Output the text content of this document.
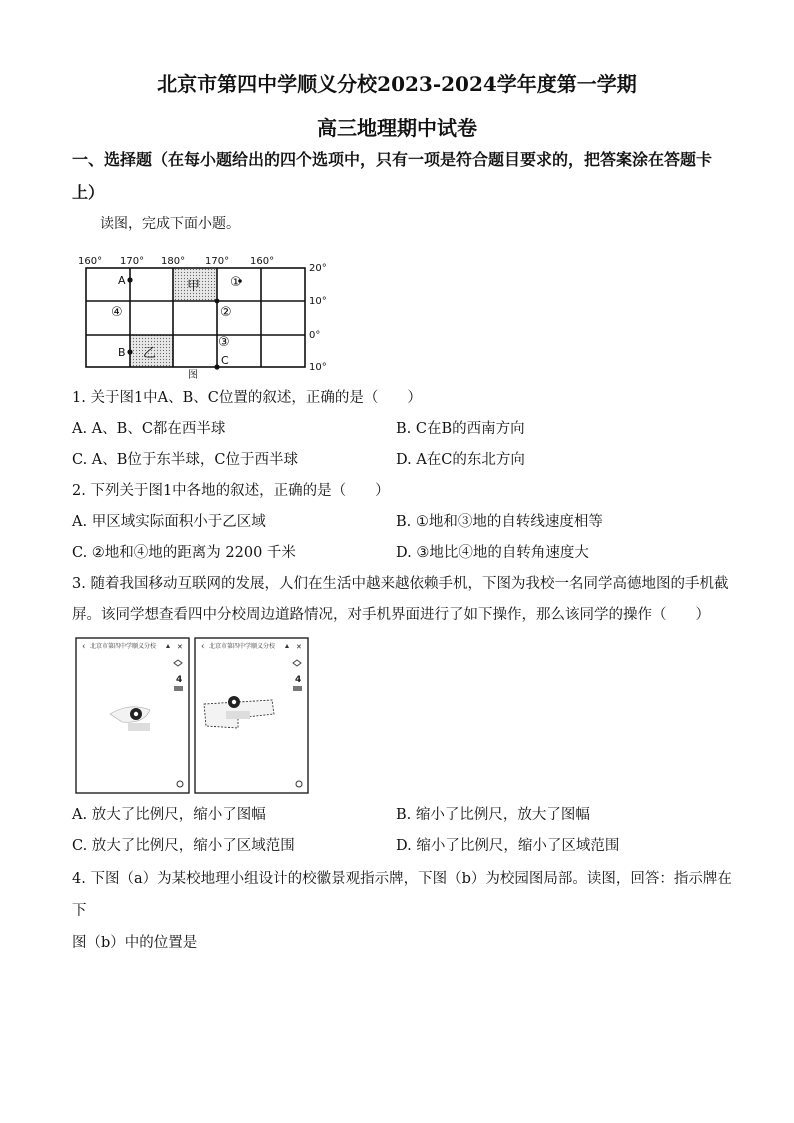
北京市第四中学顺义分校2023-2024学年度第一学期
高三地理期中试卷
一、选择题（在每小题给出的四个选项中，只有一项是符合题目要求的，把答案涂在答题卡
上）
读图，完成下面小题。
160° 170° 180° 170° 160°
20°
10°
0°
10°
A
B
C
甲
乙
①
②
③
④
图
1. 关于图1中A、B、C位置的叙述，正确的是（　　）
A. A、B、C都在西半球	B. C在B的西南方向
C. A、B位于东半球，C位于西半球	D. A在C的东北方向
2. 下列关于图1中各地的叙述，正确的是（　　）
A. 甲区域实际面积小于乙区域	B. ①地和③地的自转线速度相等
C. ②地和④地的距离为 2200 千米	D. ③地比④地的自转角速度大
3. 随着我国移动互联网的发展，人们在生活中越来越依赖手机，下图为我校一名同学高德地图的手机截
屏。该同学想查看四中分校周边道路情况，对手机界面进行了如下操作，那么该同学的操作（　　）
‹ 北京市第四中学顺义分校	✕
4
‹ 北京市第四中学顺义分校	✕
4
A. 放大了比例尺，缩小了图幅	B. 缩小了比例尺，放大了图幅
C. 放大了比例尺，缩小了区域范围	D. 缩小了比例尺，缩小了区域范围
4. 下图（a）为某校地理小组设计的校徽景观指示牌，下图（b）为校园图局部。读图，回答：指示牌在下
图（b）中的位置是
